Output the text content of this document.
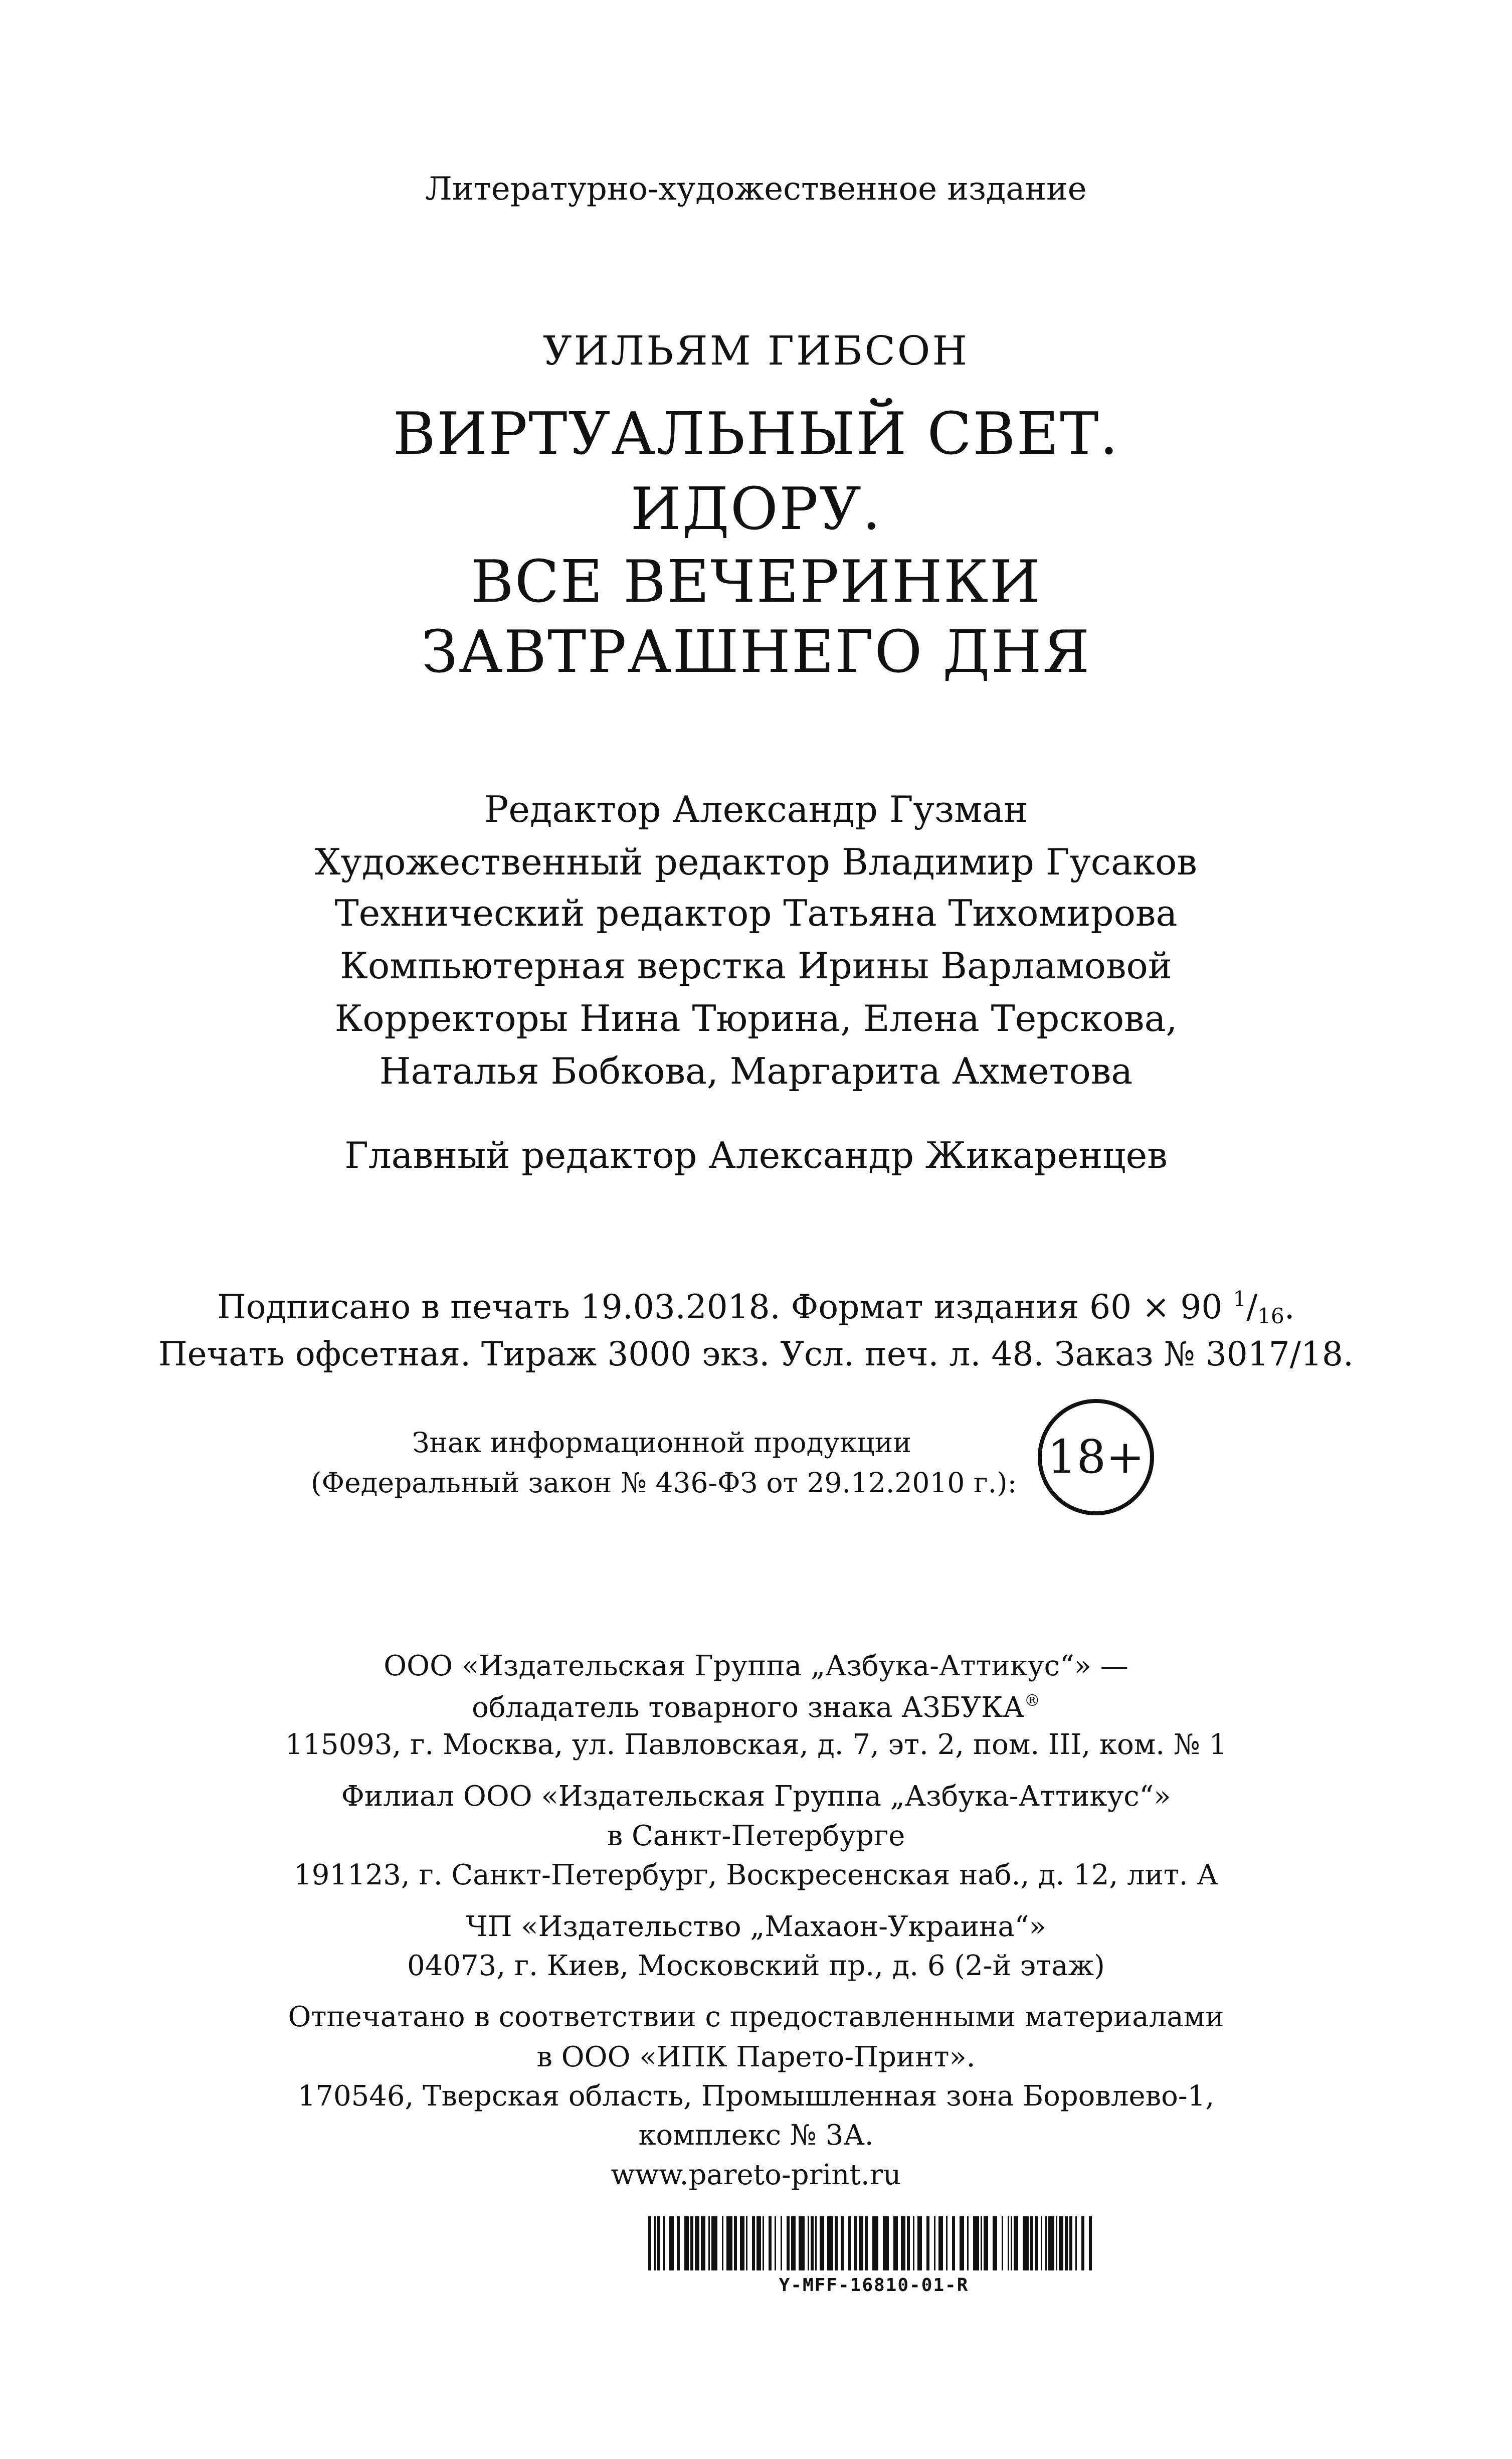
Литературно-художественное издание
УИЛЬЯМ ГИБСОН
ВИРТУАЛЬНЫЙ СВЕТ.
ИДОРУ.
ВСЕ ВЕЧЕРИНКИ
ЗАВТРАШНЕГО ДНЯ
Редактор Александр Гузман
Художественный редактор Владимир Гусаков
Технический редактор Татьяна Тихомирова
Компьютерная верстка Ирины Варламовой
Корректоры Нина Тюрина, Елена Терскова,
Наталья Бобкова, Маргарита Ахметова
Главный редактор Александр Жикаренцев
Подписано в печать 19.03.2018. Формат издания 60 × 90 $^1/_{16}$.
Печать офсетная. Тираж 3000 экз. Усл. печ. л. 48. Заказ № 3017/18.
Знак информационной продукции
(Федеральный закон № 436-ФЗ от 29.12.2010 г.): 18+
ООО «Издательская Группа „Азбука-Аттикус“» —
обладатель товарного знака АЗБУКА®
115093, г. Москва, ул. Павловская, д. 7, эт. 2, пом. III, ком. № 1
Филиал ООО «Издательская Группа „Азбука-Аттикус“»
в Санкт-Петербурге
191123, г. Санкт-Петербург, Воскресенская наб., д. 12, лит. А
ЧП «Издательство „Махаон-Украина“»
04073, г. Киев, Московский пр., д. 6 (2-й этаж)
Отпечатано в соответствии с предоставленными материалами
в ООО «ИПК Парето-Принт».
170546, Тверская область, Промышленная зона Боровлево-1,
комплекс № 3А.
www.pareto-print.ru
Y-MFF-16810-01-R
